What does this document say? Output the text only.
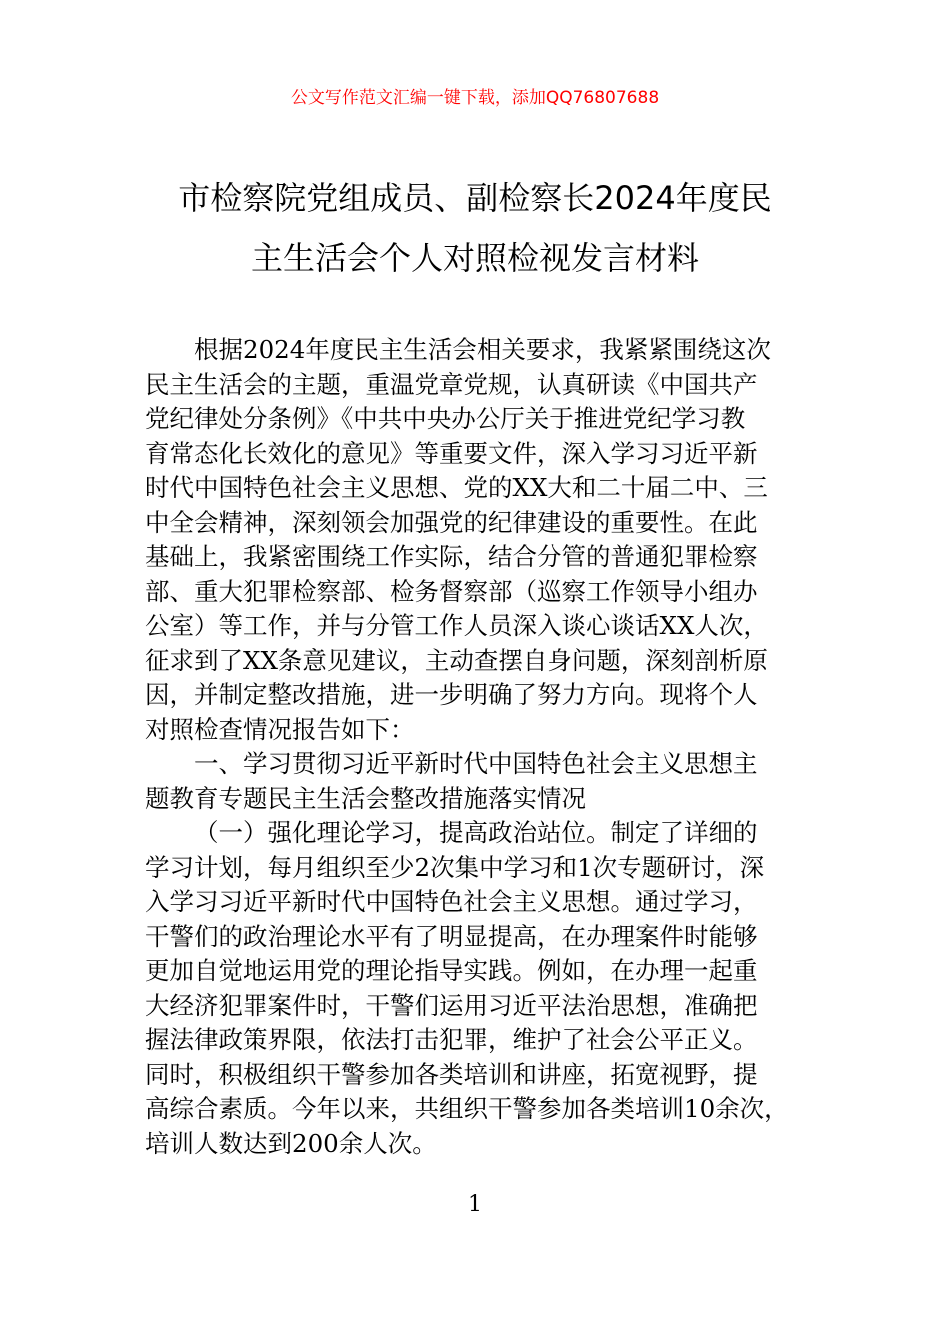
公文写作范文汇编一键下载，添加QQ76807688
市检察院党组成员、副检察长2024年度民
主生活会个人对照检视发言材料

根据2024年度民主生活会相关要求，我紧紧围绕这次
民主生活会的主题，重温党章党规，认真研读《中国共产
党纪律处分条例》《中共中央办公厅关于推进党纪学习教
育常态化长效化的意见》等重要文件，深入学习习近平新
时代中国特色社会主义思想、党的XX大和二十届二中、三
中全会精神，深刻领会加强党的纪律建设的重要性。在此
基础上，我紧密围绕工作实际，结合分管的普通犯罪检察
部、重大犯罪检察部、检务督察部（巡察工作领导小组办
公室）等工作，并与分管工作人员深入谈心谈话XX人次，
征求到了XX条意见建议，主动查摆自身问题，深刻剖析原
因，并制定整改措施，进一步明确了努力方向。现将个人
对照检查情况报告如下：

一、学习贯彻习近平新时代中国特色社会主义思想主
题教育专题民主生活会整改措施落实情况

（一）强化理论学习，提高政治站位。制定了详细的
学习计划，每月组织至少2次集中学习和1次专题研讨，深
入学习习近平新时代中国特色社会主义思想。通过学习，
干警们的政治理论水平有了明显提高，在办理案件时能够
更加自觉地运用党的理论指导实践。例如，在办理一起重
大经济犯罪案件时，干警们运用习近平法治思想，准确把
握法律政策界限，依法打击犯罪，维护了社会公平正义。
同时，积极组织干警参加各类培训和讲座，拓宽视野，提
高综合素质。今年以来，共组织干警参加各类培训10余次，
培训人数达到200余人次。

1
